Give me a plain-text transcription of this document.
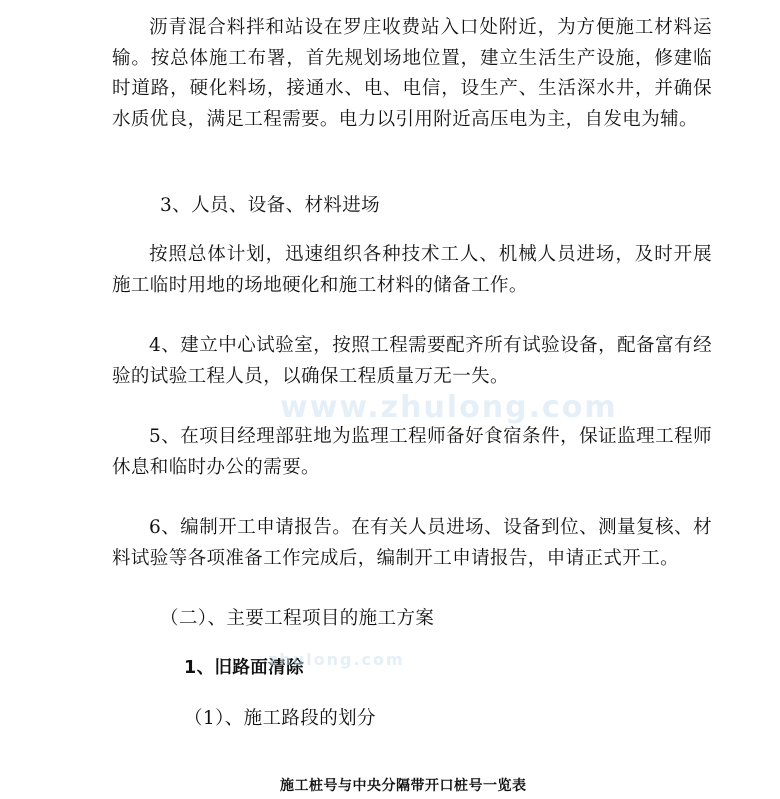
沥青混合料拌和站设在罗庄收费站入口处附近，为方便施工材料运输。按总体施工布署，首先规划场地位置，建立生活生产设施，修建临时道路，硬化料场，接通水、电、电信，设生产、生活深水井，并确保水质优良，满足工程需要。电力以引用附近高压电为主，自发电为辅。

3、人员、设备、材料进场

按照总体计划，迅速组织各种技术工人、机械人员进场，及时开展施工临时用地的场地硬化和施工材料的储备工作。

4、建立中心试验室，按照工程需要配齐所有试验设备，配备富有经验的试验工程人员，以确保工程质量万无一失。

5、在项目经理部驻地为监理工程师备好食宿条件，保证监理工程师休息和临时办公的需要。

6、编制开工申请报告。在有关人员进场、设备到位、测量复核、材料试验等各项准备工作完成后，编制开工申请报告，申请正式开工。

（二）、主要工程项目的施工方案
1、旧路面清除
（1）、施工路段的划分
施工桩号与中央分隔带开口桩号一览表
www.zhulong.com
zhulong.com
